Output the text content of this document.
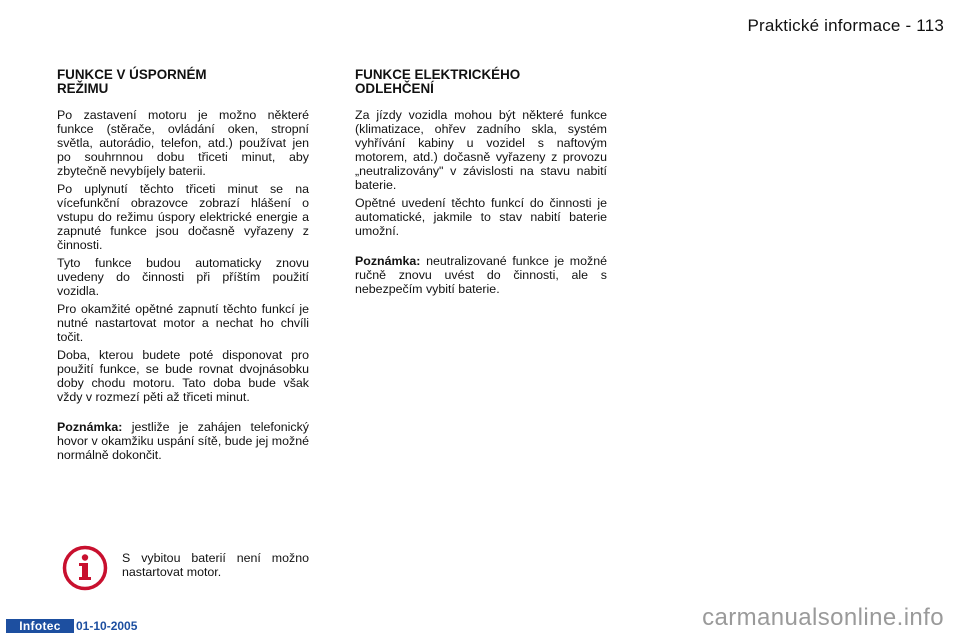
Praktické informace - 113
FUNKCE V ÚSPORNÉM
REŽIMU

Po zastavení motoru je možno některé funkce (stěrače, ovládání oken, stropní světla, autorádio, telefon, atd.) používat jen po souhrnnou dobu třiceti minut, aby zbytečně nevybíjely baterii.

Po uplynutí těchto třiceti minut se na vícefunkční obrazovce zobrazí hlášení o vstupu do režimu úspory elektrické energie a zapnuté funkce jsou dočasně vyřazeny z činnosti.

Tyto funkce budou automaticky znovu uvedeny do činnosti při příštím použití vozidla.

Pro okamžité opětné zapnutí těchto funkcí je nutné nastartovat motor a nechat ho chvíli točit.

Doba, kterou budete poté disponovat pro použití funkce, se bude rovnat dvojnásobku doby chodu motoru. Tato doba bude však vždy v rozmezí pěti až třiceti minut.

Poznámka: jestliže je zahájen telefonický hovor v okamžiku uspání sítě, bude jej možné normálně dokončit.

FUNKCE ELEKTRICKÉHO
ODLEHČENÍ

Za jízdy vozidla mohou být některé funkce (klimatizace, ohřev zadního skla, systém vyhřívání kabiny u vozidel s naftovým motorem, atd.) dočasně vyřazeny z provozu „neutralizovány" v závislosti na stavu nabití baterie.

Opětné uvedení těchto funkcí do činnosti je automatické, jakmile to stav nabití baterie umožní.

Poznámka: neutralizované funkce je možné ručně znovu uvést do činnosti, ale s nebezpečím vybití baterie.

S vybitou baterií není možno nastartovat motor.
Infotec	01-10-2005	carmanualsonline.info
